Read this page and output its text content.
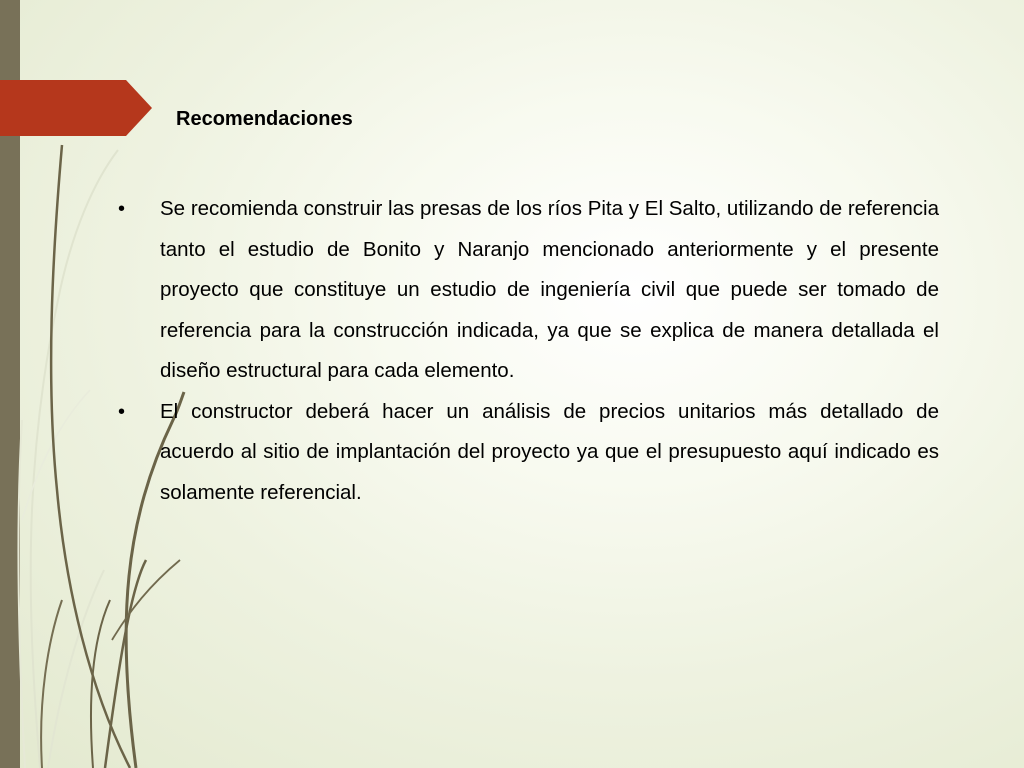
Recomendaciones
•	Se recomienda construir las presas de los ríos Pita y El Salto, utilizando de referencia tanto el estudio de Bonito y Naranjo mencionado anteriormente y el presente proyecto que constituye un estudio de ingeniería civil que puede ser tomado de referencia para la construcción indicada, ya que se explica de manera detallada el diseño estructural para cada elemento.
•	El constructor deberá hacer un análisis de precios unitarios más detallado de acuerdo al sitio de implantación del proyecto ya que el presupuesto aquí indicado es solamente referencial.
